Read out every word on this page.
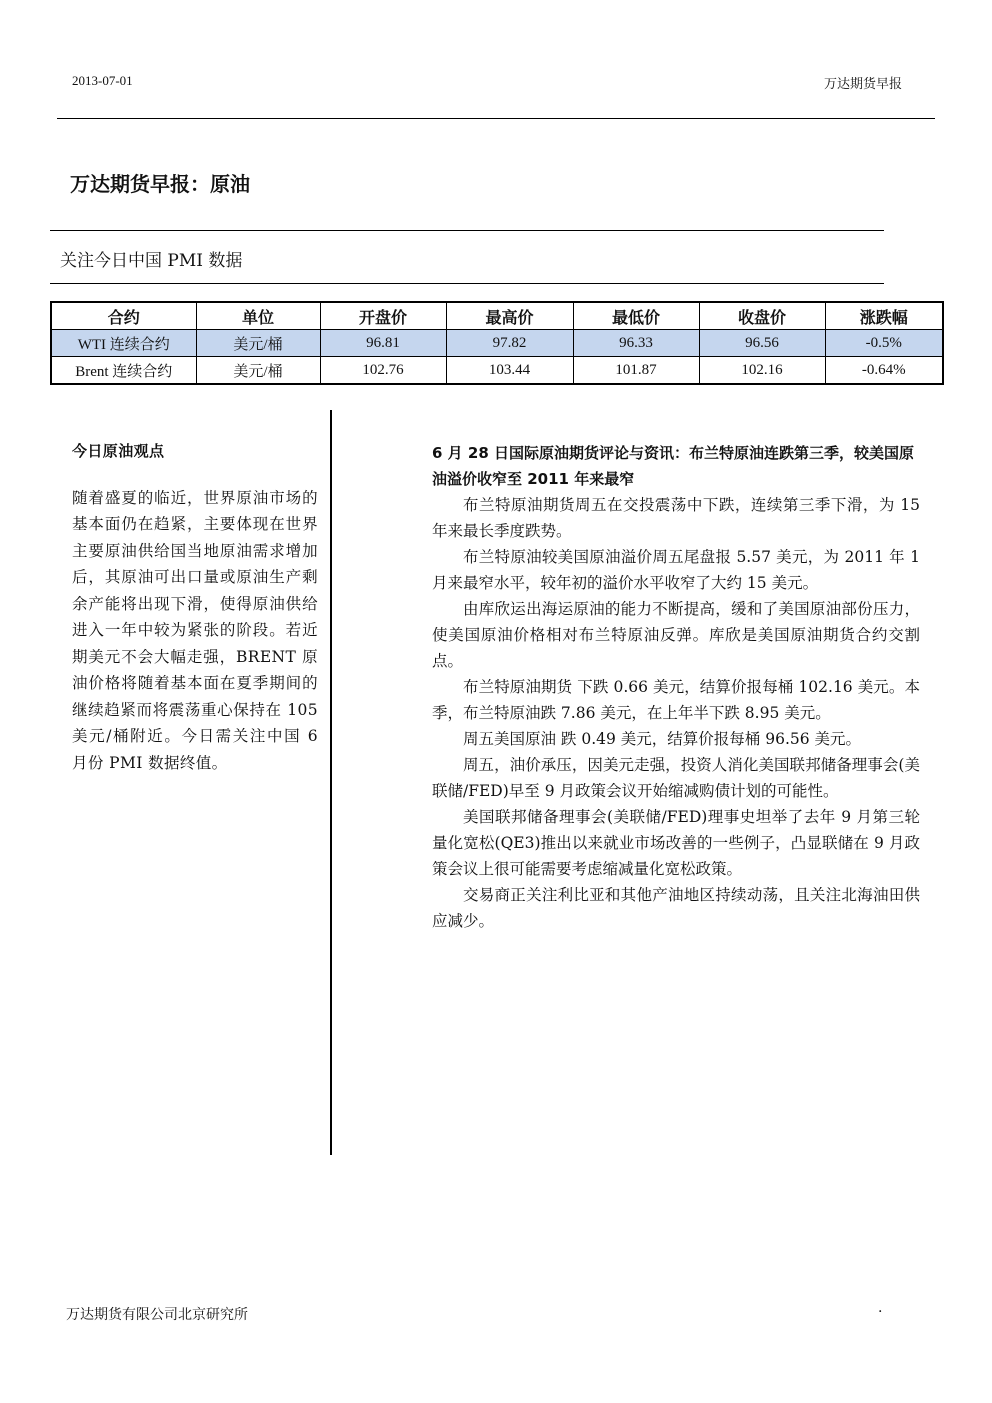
2013-07-01	万达期货早报
万达期货早报：原油
关注今日中国 PMI 数据
合约	单位	开盘价	最高价	最低价	收盘价	涨跌幅
WTI 连续合约	美元/桶	96.81	97.82	96.33	96.56	-0.5%
Brent 连续合约	美元/桶	102.76	103.44	101.87	102.16	-0.64%
今日原油观点
随着盛夏的临近，世界原油市场的基本面仍在趋紧，主要体现在世界主要原油供给国当地原油需求增加后，其原油可出口量或原油生产剩余产能将出现下滑，使得原油供给进入一年中较为紧张的阶段。若近期美元不会大幅走强，BRENT 原油价格将随着基本面在夏季期间的继续趋紧而将震荡重心保持在 105 美元/桶附近。今日需关注中国 6 月份 PMI 数据终值。
6 月 28 日国际原油期货评论与资讯：布兰特原油连跌第三季，较美国原油溢价收窄至 2011 年来最窄

布兰特原油期货周五在交投震荡中下跌，连续第三季下滑，为 15 年来最长季度跌势。

布兰特原油较美国原油溢价周五尾盘报 5.57 美元，为 2011 年 1 月来最窄水平，较年初的溢价水平收窄了大约 15 美元。

由库欣运出海运原油的能力不断提高，缓和了美国原油部份压力，使美国原油价格相对布兰特原油反弹。库欣是美国原油期货合约交割点。

布兰特原油期货 下跌 0.66 美元，结算价报每桶 102.16 美元。本季，布兰特原油跌 7.86 美元，在上年半下跌 8.95 美元。

周五美国原油 跌 0.49 美元，结算价报每桶 96.56 美元。

周五，油价承压，因美元走强，投资人消化美国联邦储备理事会(美联储/FED)早至 9 月政策会议开始缩减购债计划的可能性。

美国联邦储备理事会(美联储/FED)理事史坦举了去年 9 月第三轮量化宽松(QE3)推出以来就业市场改善的一些例子，凸显联储在 9 月政策会议上很可能需要考虑缩减量化宽松政策。

交易商正关注利比亚和其他产油地区持续动荡，且关注北海油田供应减少。

万达期货有限公司北京研究所	.
